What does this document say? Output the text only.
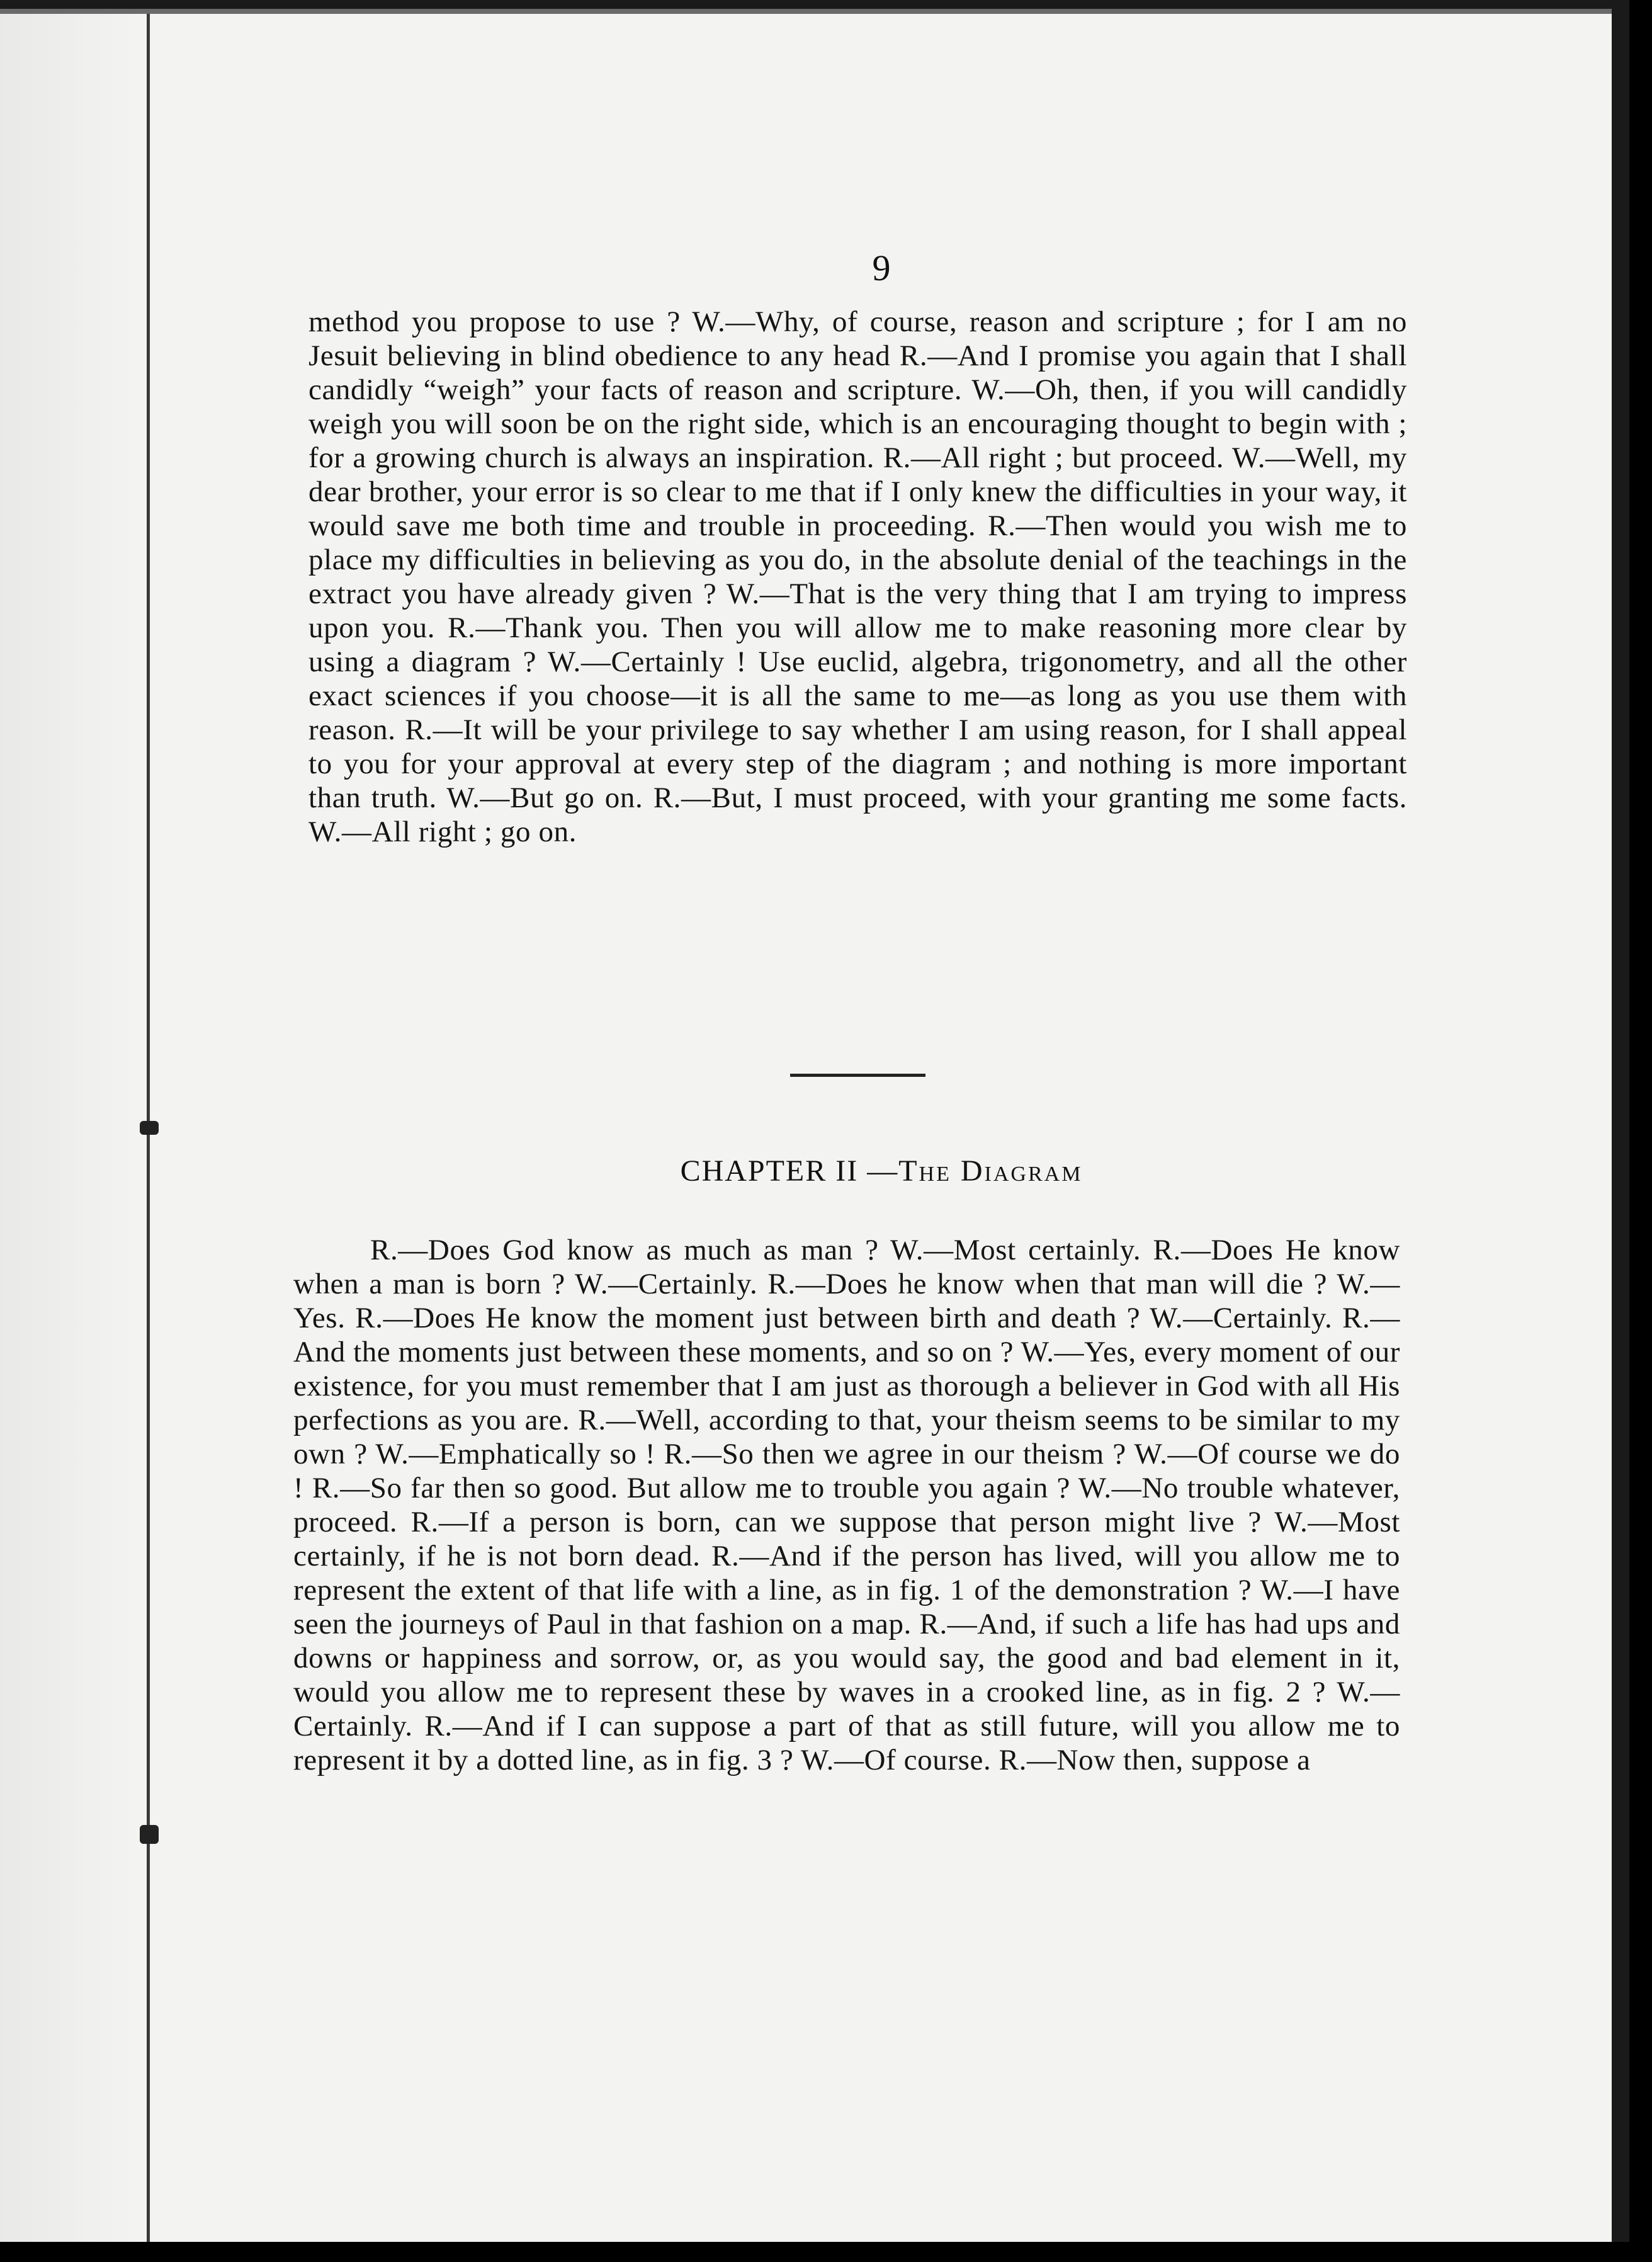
9

method you propose to use ? W.—Why, of course, reason and scripture ; for I am no Jesuit believing in blind obedience to any head R.—And I promise you again that I shall candidly “weigh” your facts of reason and scripture. W.—Oh, then, if you will candidly weigh you will soon be on the right side, which is an encouraging thought to begin with ; for a growing church is always an inspiration. R.—All right ; but proceed. W.—Well, my dear brother, your error is so clear to me that if I only knew the difficulties in your way, it would save me both time and trouble in proceeding. R.—Then would you wish me to place my difficulties in believing as you do, in the absolute denial of the teachings in the extract you have already given ? W.—That is the very thing that I am trying to impress upon you. R.—Thank you. Then you will allow me to make reasoning more clear by using a diagram ? W.—Certainly ! Use euclid, algebra, trigonometry, and all the other exact sciences if you choose—it is all the same to me—as long as you use them with reason. R.—It will be your privilege to say whether I am using reason, for I shall appeal to you for your approval at every step of the diagram ; and nothing is more important than truth. W.—But go on. R.—But, I must proceed, with your granting me some facts. W.—All right ; go on.

CHAPTER II —The Diagram

R.—Does God know as much as man ? W.—Most certainly. R.—Does He know when a man is born ? W.—Certainly. R.—Does he know when that man will die ? W.—Yes. R.—Does He know the moment just between birth and death ? W.—Certainly. R.—And the moments just between these moments, and so on ? W.—Yes, every moment of our existence, for you must remember that I am just as thorough a believer in God with all His perfections as you are. R.—Well, according to that, your theism seems to be similar to my own ? W.—Emphatically so ! R.—So then we agree in our theism ? W.—Of course we do ! R.—So far then so good. But allow me to trouble you again ? W.—No trouble whatever, proceed. R.—If a person is born, can we suppose that person might live ? W.—Most certainly, if he is not born dead. R.—And if the person has lived, will you allow me to represent the extent of that life with a line, as in fig. 1 of the demonstration ? W.—I have seen the journeys of Paul in that fashion on a map. R.—And, if such a life has had ups and downs or happiness and sorrow, or, as you would say, the good and bad element in it, would you allow me to represent these by waves in a crooked line, as in fig. 2 ? W.—Certainly. R.—And if I can suppose a part of that as still future, will you allow me to represent it by a dotted line, as in fig. 3 ? W.—Of course. R.—Now then, suppose a
